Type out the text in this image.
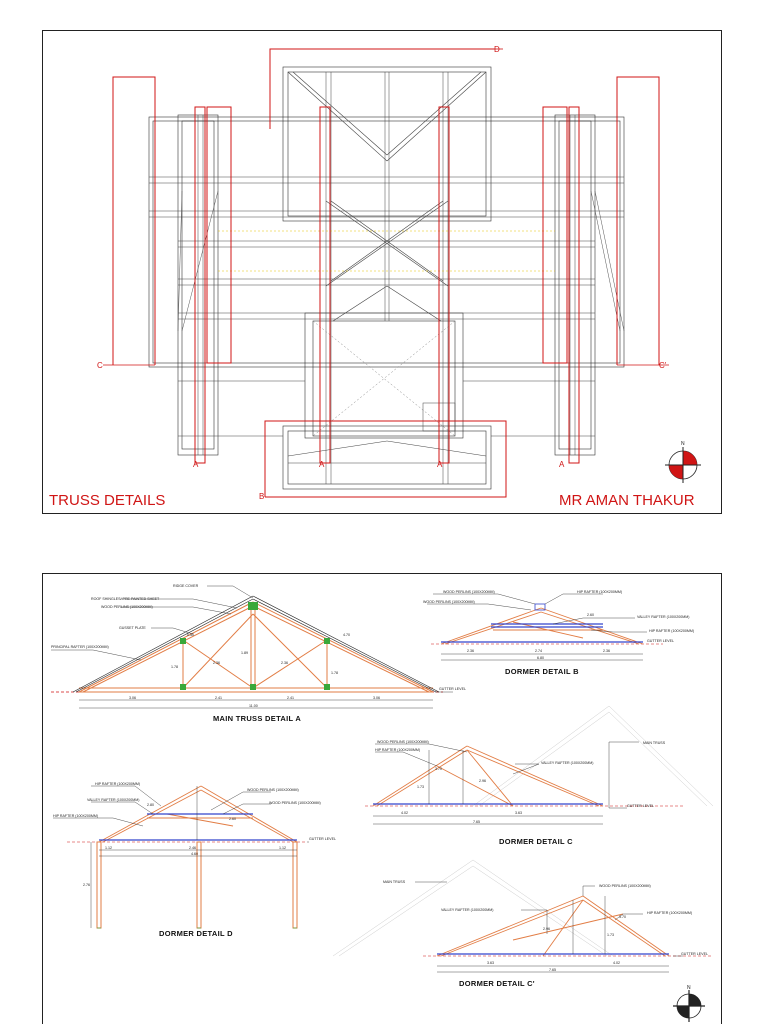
A	A	A	A
B
C	C'
D
TRUSS DETAILS	MR AMAN THAKUR
N
3.06	2.41	2.41	3.06
11.00
4.70
1.78
2.36
1.89
2.36
1.78
0.30
RIDGE COVER
ROOF SHINGLES/ PRE PAINTED SHEET
WOOD PERLINS (100X200MM)
GUSSET PLATE
PRINCIPAL RAFTER (100X200MM)
GUTTER LEVEL
MAIN TRUSS DETAIL A
2.36	2.74	2.36
6.80
2.60
WOOD PERLINS (100X200MM)
WOOD PERLINS (100X200MM)
HIP RAFTER (100X200MM)
VALLEY RAFTER (100X200MM)
HIP RAFTER (100X200MM)
GUTTER LEVEL
DORMER DETAIL B
4.02	3.63
7.65
1.73
2.96
3.70
WOOD PERLINS (100X200MM)
HIP RAFTER (100X200MM)
VALLEY RAFTER (100X200MM)
MAIN TRUSS
GUTTER LEVEL
DORMER DETAIL C
1.12	2.46	1.12
4.60
2.76
2.80
2.60
HIP RAFTER (100X200MM)
VALLEY RAFTER (100X200MM)
HIP RAFTER (100X200MM)
WOOD PERLINS (100X200MM)
WOOD PERLINS (100X200MM)
GUTTER LEVEL
DORMER DETAIL D
3.63	4.02
7.65
3.70
2.96
1.73
MAIN TRUSS
WOOD PERLINS (100X200MM)
VALLEY RAFTER (100X200MM)
HIP RAFTER (100X200MM)
GUTTER LEVEL
DORMER DETAIL C'	N
